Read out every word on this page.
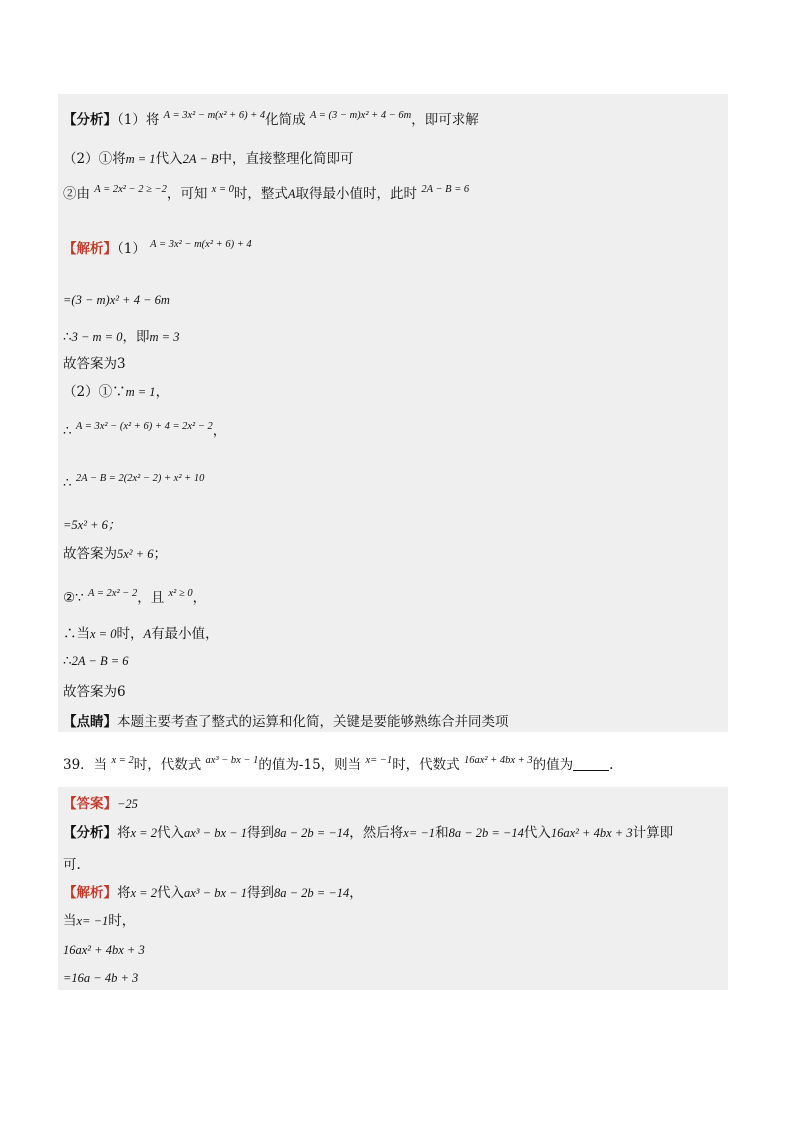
【分析】（1）将 $^{A = 3x^2 - m(x^2 + 6) + 4}$化简成 $^{A = (3 - m)x^2 + 4 - 6m}$，即可求解
（2）①将m = 1代入2A − B中，直接整理化简即可
②由 $^{A = 2x^2 - 2 \ge -2}$，可知 $^{x = 0}$时，整式A取得最小值时，此时 $^{2A - B = 6}$
【解析】（1） $^{A = 3x^2 - m(x^2 + 6) + 4}$
=(3 − m)x² + 4 − 6m
∴3 − m = 0，即m = 3
故答案为3
（2）①∵m = 1，
∴ $^{A = 3x^2 - (x^2 + 6) + 4 = 2x^2 - 2}$，
∴ $^{2A - B = 2(2x^2 - 2) + x^2 + 10}$
=5x² + 6；
故答案为5x² + 6；
②∵ $^{A = 2x^2 - 2}$，且 $^{x^2 \ge 0}$，
∴当x = 0时，A有最小值，
∴2A − B = 6
故答案为6
【点睛】本题主要考查了整式的运算和化简，关键是要能够熟练合并同类项
39．当 $^{x = 2}$时，代数式 $^{ax^3 - bx - 1}$的值为-15，则当 $^{x= -1}$时，代数式 $^{16ax^2 + 4bx + 3}$的值为	.
【答案】−25
【分析】将x = 2代入ax³ − bx − 1得到8a − 2b = −14，然后将x= −1和8a − 2b = −14代入16ax² + 4bx + 3计算即
可.
【解析】将x = 2代入ax³ − bx − 1得到8a − 2b = −14，
当x= −1时，
16ax² + 4bx + 3
=16a − 4b + 3
